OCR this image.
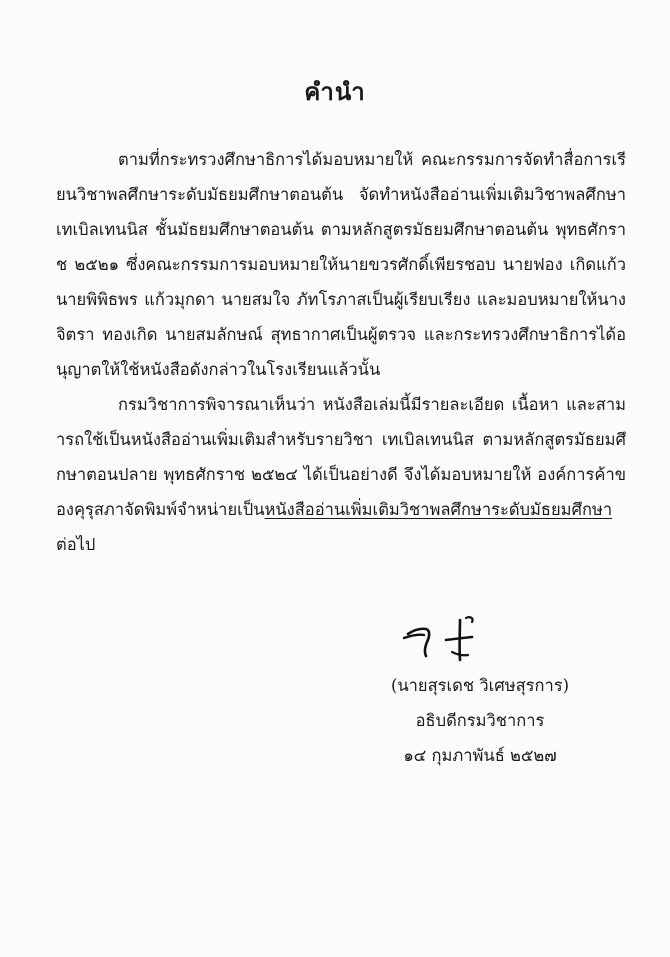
คำนำ

ตามที่กระทรวงศึกษาธิการได้มอบหมายให้ คณะกรรมการจัดทำสื่อการเรียนวิชาพลศึกษาระดับมัธยมศึกษาตอนต้น จัดทำหนังสืออ่านเพิ่มเติมวิชาพลศึกษา เทเบิลเทนนิส ชั้นมัธยมศึกษาตอนต้น ตามหลักสูตรมัธยมศึกษาตอนต้น พุทธศักราช ๒๕๒๑ ซึ่งคณะกรรมการมอบหมายให้นายขวรศักดิ์เพียรชอบ นายฟอง เกิดแก้ว นายพิพิธพร แก้วมุกดา นายสมใจ ภัทโรภาสเป็นผู้เรียบเรียง และมอบหมายให้นางจิตรา ทองเกิด นายสมลักษณ์ สุทธากาศเป็นผู้ตรวจ และกระทรวงศึกษาธิการได้อนุญาตให้ใช้หนังสือดังกล่าวในโรงเรียนแล้วนั้น

กรมวิชาการพิจารณาเห็นว่า หนังสือเล่มนี้มีรายละเอียด เนื้อหา และสามารถใช้เป็นหนังสืออ่านเพิ่มเติมสำหรับรายวิชา เทเบิลเทนนิส ตามหลักสูตรมัธยมศึกษาตอนปลาย พุทธศักราช ๒๕๒๔ ได้เป็นอย่างดี จึงได้มอบหมายให้ องค์การค้าของคุรุสภาจัดพิมพ์จำหน่ายเป็นหนังสืออ่านเพิ่มเติมวิชาพลศึกษาระดับมัธยมศึกษา ต่อไป

(นายสุรเดช วิเศษสุรการ)
อธิบดีกรมวิชาการ
๑๔ กุมภาพันธ์ ๒๕๒๗
